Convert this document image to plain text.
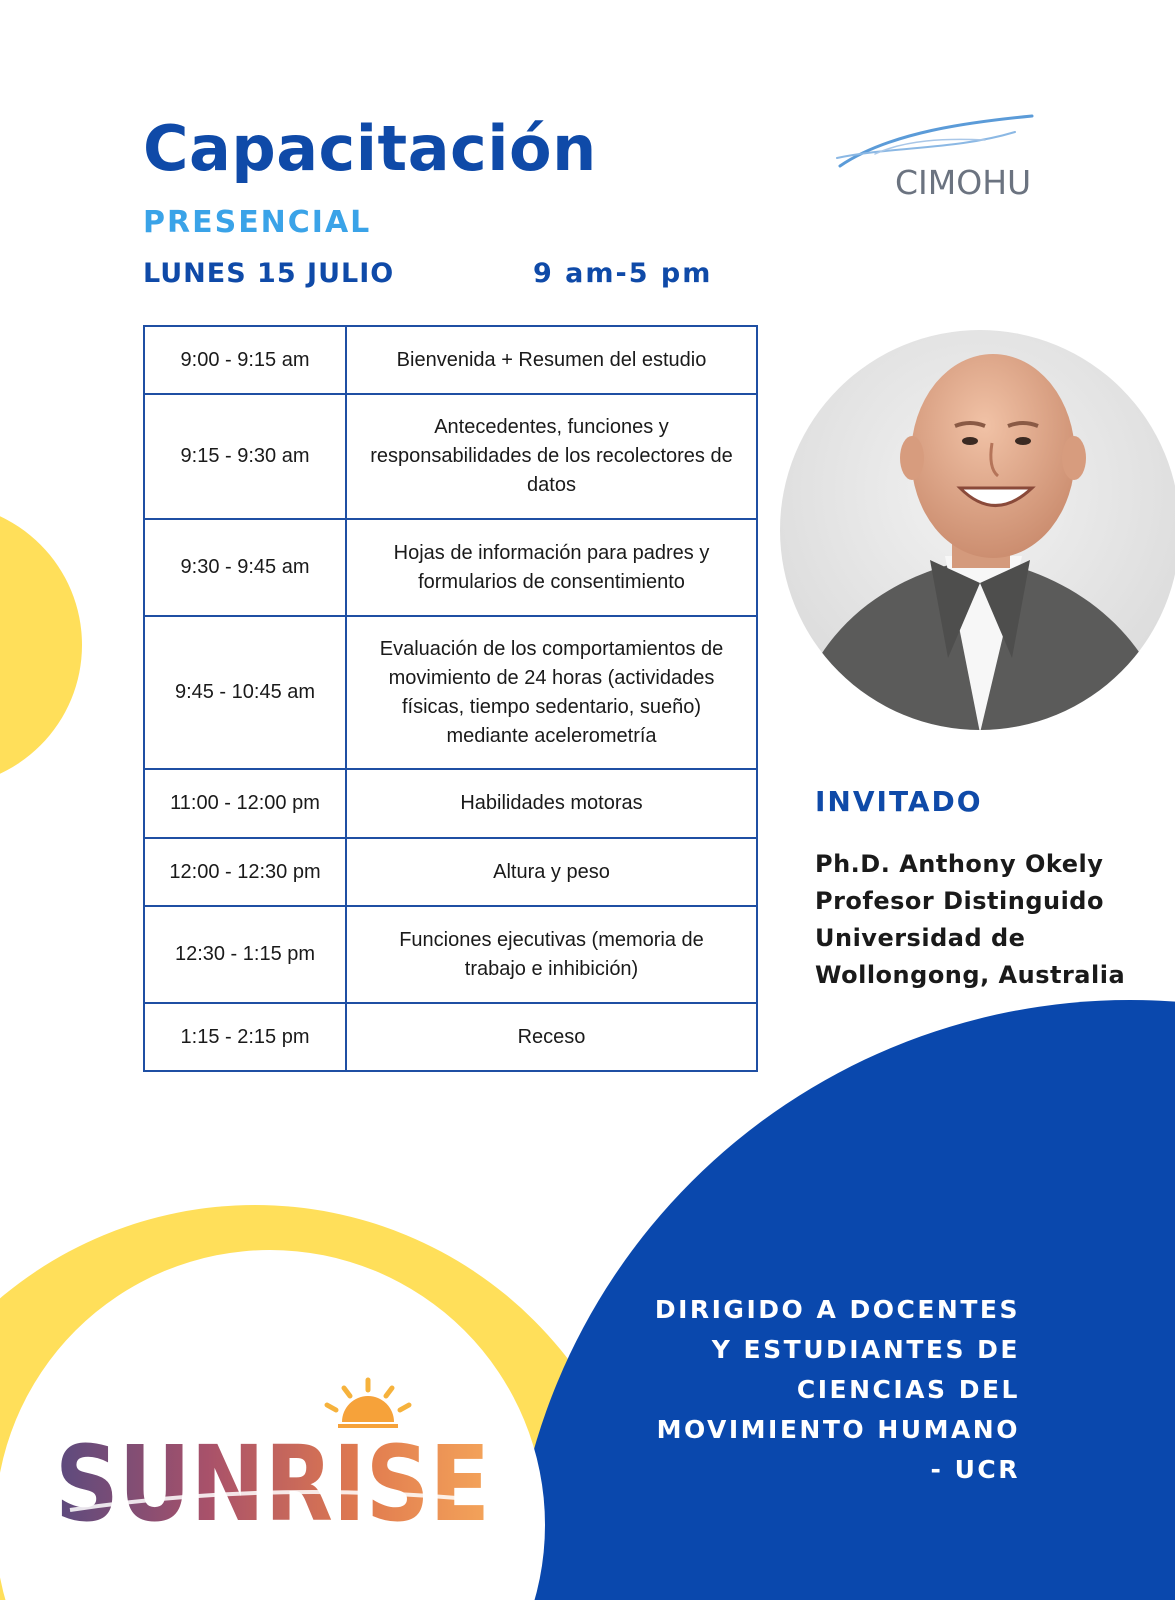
Capacitación
PRESENCIAL
LUNES 15 JULIO	9 am-5 pm
CIMOHU
9:00 - 9:15 am	Bienvenida + Resumen del estudio
9:15 - 9:30 am	Antecedentes, funciones y responsabilidades de los recolectores de datos
9:30 - 9:45 am	Hojas de información para padres y formularios de consentimiento
9:45 - 10:45 am	Evaluación de los comportamientos de movimiento de 24 horas (actividades físicas, tiempo sedentario, sueño) mediante acelerometría
11:00 - 12:00 pm	Habilidades motoras
12:00 - 12:30 pm	Altura y peso
12:30 - 1:15 pm	Funciones ejecutivas (memoria de trabajo e inhibición)
1:15 - 2:15 pm	Receso
INVITADO
Ph.D. Anthony Okely
Profesor Distinguido
Universidad de
Wollongong, Australia
DIRIGIDO A DOCENTES
Y ESTUDIANTES DE
CIENCIAS DEL
MOVIMIENTO HUMANO
- UCR
SUNRISE
